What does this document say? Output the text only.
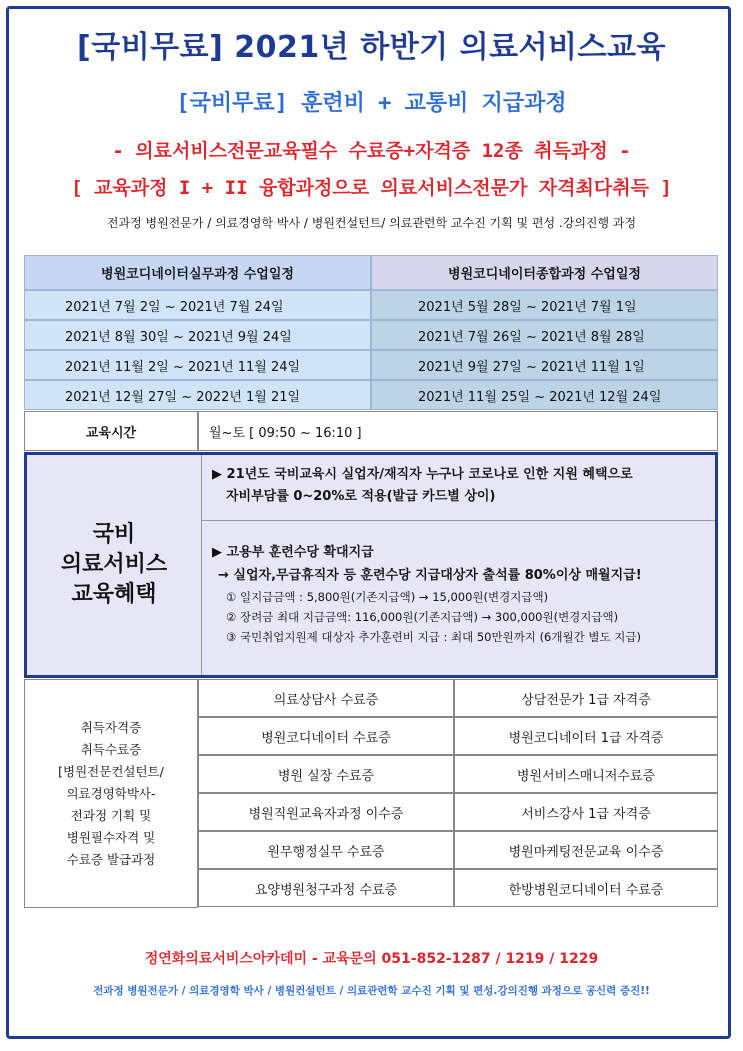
[국비무료] 2021년 하반기 의료서비스교육
[국비무료] 훈련비 + 교통비 지급과정
- 의료서비스전문교육필수 수료증+자격증 12종 취득과정 -
[ 교육과정 I + II 융합과정으로 의료서비스전문가 자격최다취득 ]
전과정 병원전문가 / 의료경영학 박사 / 병원컨설턴트/ 의료관련학 교수진 기획 및 편성 .강의진행 과정
병원코디네이터실무과정 수업일정	병원코디네이터종합과정 수업일정
2021년 7월 2일 ~ 2021년 7월 24일
2021년 8월 30일 ~ 2021년 9월 24일
2021년 11월 2일 ~ 2021년 11월 24일
2021년 12월 27일 ~ 2022년 1월 21일
2021년 5월 28일 ~ 2021년 7월 1일
2021년 7월 26일 ~ 2021년 8월 28일
2021년 9월 27일 ~ 2021년 11월 1일
2021년 11월 25일 ~ 2021년 12월 24일
교육시간	월~토 [ 09:50 ~ 16:10 ]
국비
의료서비스
교육혜택
▶ 21년도 국비교육시 실업자/재직자 누구나 코로나로 인한 지원 혜택으로
자비부담률 0~20%로 적용(발급 카드별 상이)
▶ 고용부 훈련수당 확대지급
→ 실업자,무급휴직자 등 훈련수당 지급대상자 출석률 80%이상 매월지급!
① 일지급금액 : 5,800원(기존지급액) → 15,000원(변경지급액)
② 장려금 최대 지급금액: 116,000원(기존지급액) → 300,000원(변경지급액)
③ 국민취업지원제 대상자 추가훈련비 지급 : 최대 50만원까지 (6개월간 별도 지급)
취득자격증
취득수료증
[병원전문컨설턴트/
의료경영학박사-
전과정 기획 및
병원필수자격 및
수료증 발급과정
의료상담사 수료증
병원코디네이터 수료증
병원 실장 수료증
병원직원교육자과정 이수증
원무행정실무 수료증
요양병원청구과정 수료증
상담전문가 1급 자격증
병원코디네이터 1급 자격증
병원서비스매니저수료증
서비스강사 1급 자격증
병원마케팅전문교육 이수증
한방병원코디네이터 수료증
정연화의료서비스아카데미 - 교육문의 051-852-1287 / 1219 / 1229
전과정 병원전문가 / 의료경영학 박사 / 병원컨설턴트 / 의료관련학 교수진 기획 및 편성.강의진행 과정으로 공신력 증진!!
